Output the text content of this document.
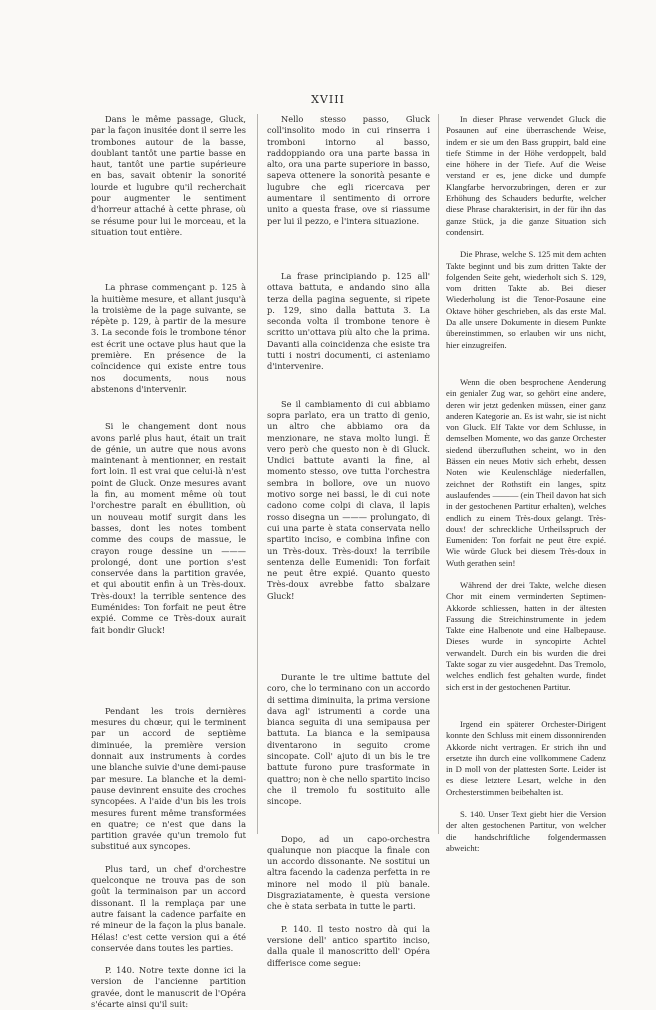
XVIII

Dans le même passage, Gluck, par la façon inusitée dont il serre les trombones autour de la basse, doublant tantôt une partie basse en haut, tantôt une partie supérieure en bas, savait obtenir la sonorité lourde et lugubre qu'il recherchait pour augmenter le sentiment d'horreur attaché à cette phrase, où se résume pour lui le morceau, et la situation tout entière.

La phrase commençant p. 125 à la huitième mesure, et allant jusqu'à la troisième de la page suivante, se répète p. 129, à partir de la mesure 3. La seconde fois le trombone ténor est écrit une octave plus haut que la première. En présence de la coïncidence qui existe entre tous nos documents, nous nous abstenons d'intervenir.

Si le changement dont nous avons parlé plus haut, était un trait de génie, un autre que nous avons maintenant à mentionner, en restait fort loin. Il est vrai que celui-là n'est point de Gluck. Onze mesures avant la fin, au moment même où tout l'orchestre paraît en ébullition, où un nouveau motif surgit dans les basses, dont les notes tombent comme des coups de massue, le crayon rouge dessine un ——— prolongé, dont une portion s'est conservée dans la partition gravée, et qui aboutit enfin à un Très-doux. Très-doux! la terrible sentence des Euménides: Ton forfait ne peut être expié. Comme ce Très-doux aurait fait bondir Gluck!

Pendant les trois dernières mesures du chœur, qui le terminent par un accord de septième diminuée, la première version donnait aux instruments à cordes une blanche suivie d'une demi-pause par mesure. La blanche et la demi-pause devinrent ensuite des croches syncopées. A l'aide d'un bis les trois mesures furent même transformées en quatre; ce n'est que dans la partition gravée qu'un tremolo fut substitué aux syncopes.

Plus tard, un chef d'orchestre quelconque ne trouva pas de son goût la terminaison par un accord dissonant. Il la remplaça par une autre faisant la cadence parfaite en ré mineur de la façon la plus banale. Hélas! c'est cette version qui a été conservée dans toutes les parties.

P. 140. Notre texte donne ici la version de l'ancienne partition gravée, dont le manuscrit de l'Opéra s'écarte ainsi qu'il suit:

Nello stesso passo, Gluck coll'insolito modo in cui rinserra i tromboni intorno al basso, raddoppiando ora una parte bassa in alto, ora una parte superiore in basso, sapeva ottenere la sonorità pesante e lugubre che egli ricercava per aumentare il sentimento di orrore unito a questa frase, ove si riassume per lui il pezzo, e l'intera situazione.

La frase principiando p. 125 all' ottava battuta, e andando sino alla terza della pagina seguente, si ripete p. 129, sino dalla battuta 3. La seconda volta il trombone tenore è scritto un'ottava più alto che la prima. Davanti alla coincidenza che esiste tra tutti i nostri documenti, ci asteniamo d'intervenire.

Se il cambiamento di cui abbiamo sopra parlato, era un tratto di genio, un altro che abbiamo ora da menzionare, ne stava molto lungi. È vero però che questo non è di Gluck. Undici battute avanti la fine, al momento stesso, ove tutta l'orchestra sembra in bollore, ove un nuovo motivo sorge nei bassi, le di cui note cadono come colpi di clava, il lapis rosso disegna un ——— prolungato, di cui una parte è stata conservata nello spartito inciso, e combina infine con un Très-doux. Très-doux! la terribile sentenza delle Eumenidi: Ton forfait ne peut être expié. Quanto questo Très-doux avrebbe fatto sbalzare Gluck!

Durante le tre ultime battute del coro, che lo terminano con un accordo di settima diminuita, la prima versione dava agl' istrumenti a corde una bianca seguita di una semipausa per battuta. La bianca e la semipausa diventarono in seguito crome sincopate. Coll' ajuto di un bis le tre battute furono pure trasformate in quattro; non è che nello spartito inciso che il tremolo fu sostituito alle sincope.

Dopo, ad un capo-orchestra qualunque non piacque la finale con un accordo dissonante. Ne sostitui un altra facendo la cadenza perfetta in re minore nel modo il più banale. Disgraziatamente, è questa versione che è stata serbata in tutte le parti.

P. 140. Il testo nostro dà qui la versione dell' antico spartito inciso, dalla quale il manoscritto dell' Opéra differisce come segue:

In dieser Phrase verwendet Gluck die Posaunen auf eine überraschende Weise, indem er sie um den Bass gruppirt, bald eine tiefe Stimme in der Höhe verdoppelt, bald eine höhere in der Tiefe. Auf die Weise verstand er es, jene dicke und dumpfe Klangfarbe hervorzubringen, deren er zur Erhöhung des Schauders bedurfte, welcher diese Phrase charakterisirt, in der für ihn das ganze Stück, ja die ganze Situation sich condensirt.

Die Phrase, welche S. 125 mit dem achten Takte beginnt und bis zum dritten Takte der folgenden Seite geht, wiederholt sich S. 129, vom dritten Takte ab. Bei dieser Wiederholung ist die Tenor-Posaune eine Oktave höher geschrieben, als das erste Mal. Da alle unsere Dokumente in diesem Punkte übereinstimmen, so erlauben wir uns nicht, hier einzugreifen.

Wenn die oben besprochene Aenderung ein genialer Zug war, so gehört eine andere, deren wir jetzt gedenken müssen, einer ganz anderen Kategorie an. Es ist wahr, sie ist nicht von Gluck. Elf Takte vor dem Schlusse, in demselben Momente, wo das ganze Orchester siedend überzufluthen scheint, wo in den Bässen ein neues Motiv sich erhebt, dessen Noten wie Keulenschläge niederfallen, zeichnet der Rothstift ein langes, spitz auslaufendes ——— (ein Theil davon hat sich in der gestochenen Partitur erhalten), welches endlich zu einem Très-doux gelangt. Très-doux! der schreckliche Urtheilsspruch der Eumeniden: Ton forfait ne peut être expié. Wie würde Gluck bei diesem Très-doux in Wuth gerathen sein!

Während der drei Takte, welche diesen Chor mit einem verminderten Septimen-Akkorde schliessen, hatten in der ältesten Fassung die Streichinstrumente in jedem Takte eine Halbenote und eine Halbepause. Dieses wurde in syncopirte Achtel verwandelt. Durch ein bis wurden die drei Takte sogar zu vier ausgedehnt. Das Tremolo, welches endlich fest gehalten wurde, findet sich erst in der gestochenen Partitur.

Irgend ein späterer Orchester-Dirigent konnte den Schluss mit einem dissonnirenden Akkorde nicht vertragen. Er strich ihn und ersetzte ihn durch eine vollkommene Cadenz in D moll von der plattesten Sorte. Leider ist es diese letztere Lesart, welche in den Orchesterstimmen beibehalten ist.

S. 140. Unser Text giebt hier die Version der alten gestochenen Partitur, von welcher die handschriftliche folgendermassen abweicht:
